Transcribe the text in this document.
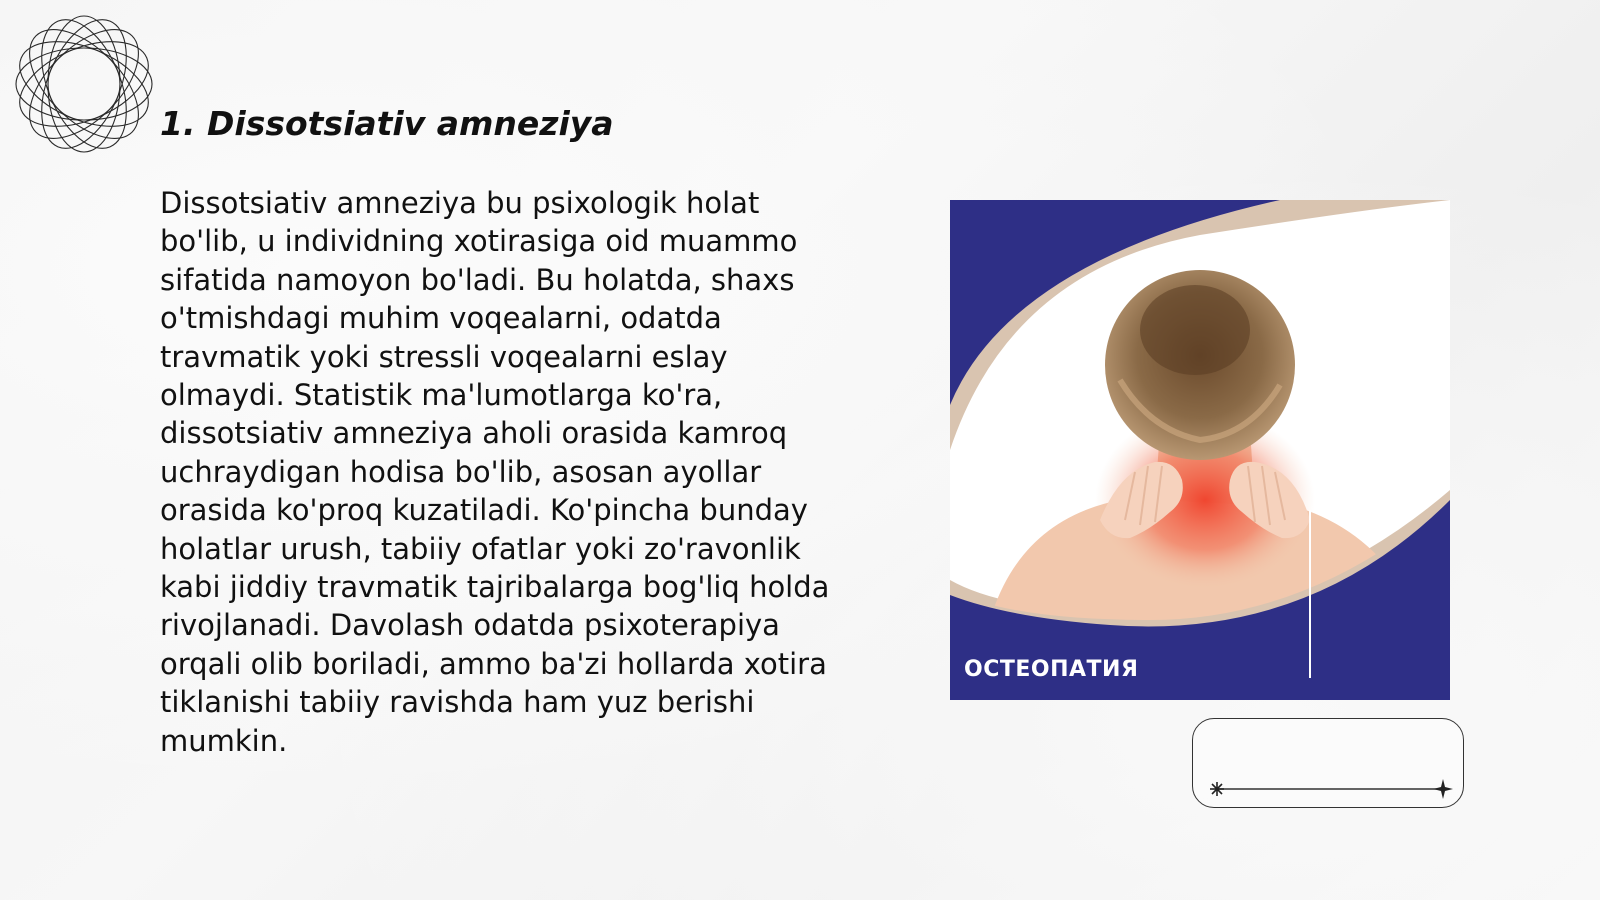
1. Dissotsiativ amneziya

Dissotsiativ amneziya bu psixologik holat bo'lib, u individning xotirasiga oid muammo sifatida namoyon bo'ladi. Bu holatda, shaxs o'tmishdagi muhim voqealarni, odatda travmatik yoki stressli voqealarni eslay olmaydi. Statistik ma'lumotlarga ko'ra, dissotsiativ amneziya aholi orasida kamroq uchraydigan hodisa bo'lib, asosan ayollar orasida ko'proq kuzatiladi. Ko'pincha bunday holatlar urush, tabiiy ofatlar yoki zo'ravonlik kabi jiddiy travmatik tajribalarga bog'liq holda rivojlanadi. Davolash odatda psixoterapiya orqali olib boriladi, ammo ba'zi hollarda xotira tiklanishi tabiiy ravishda ham yuz berishi mumkin.

ОСТЕОПАТИЯ
